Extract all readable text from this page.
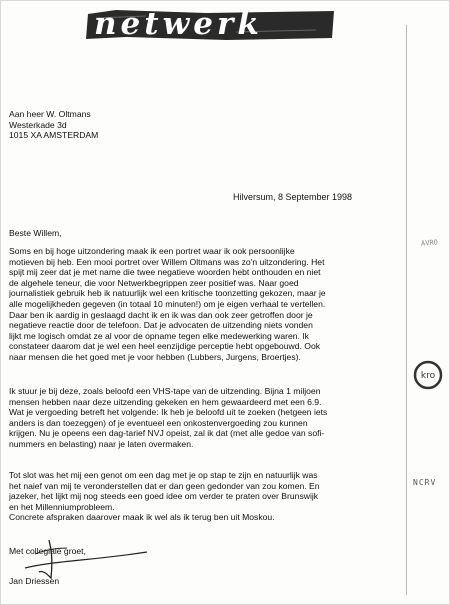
netwerk
Aan heer W. Oltmans
Westerkade 3d
1015 XA AMSTERDAM
Hilversum, 8 September 1998
Beste Willem,
Soms en bij hoge uitzondering maak ik een portret waar ik ook persoonlijke
motieven bij heb. Een mooi portret over Willem Oltmans was zo'n uitzondering. Het
spijt mij zeer dat je met name die twee negatieve woorden hebt onthouden en niet
de algehele teneur, die voor Netwerkbegrippen zeer positief was. Naar goed
journalistiek gebruik heb ik natuurlijk wel een kritische toonzetting gekozen, maar je
alle mogelijkheden gegeven (in totaal 10 minuten!) om je eigen verhaal te vertellen.
Daar ben ik aardig in geslaagd dacht ik en ik was dan ook zeer getroffen door je
negatieve reactie door de telefoon. Dat je advocaten de uitzending niets vonden
lijkt me logisch omdat ze al voor de opname tegen elke medewerking waren. Ik
constateer daarom dat je wel een heel eenzijdige perceptie hebt opgebouwd. Ook
naar mensen die het goed met je voor hebben (Lubbers, Jurgens, Broertjes).
Ik stuur je bij deze, zoals beloofd een VHS-tape van de uitzending. Bijna 1 miljoen
mensen hebben naar deze uitzending gekeken en hem gewaardeerd met een 6.9.
Wat je vergoeding betreft het volgende: Ik heb je beloofd uit te zoeken (hetgeen iets
anders is dan toezeggen) of je eventueel een onkostenvergoeding zou kunnen
krijgen. Nu je opeens een dag-tarief NVJ opeist, zal ik dat (met alle gedoe van sofi-
nummers en belasting) naar je laten overmaken.
Tot slot was het mij een genot om een dag met je op stap te zijn en natuurlijk was
het naief van mij te veronderstellen dat er dan geen gedonder van zou komen. En
jazeker, het lijkt mij nog steeds een goed idee om verder te praten over Brunswijk
en het Millenniumprobleem.
Concrete afspraken daarover maak ik wel als ik terug ben uit Moskou.
Met collegiale groet,
Jan Driessen
AVRO
kro
NCRV
